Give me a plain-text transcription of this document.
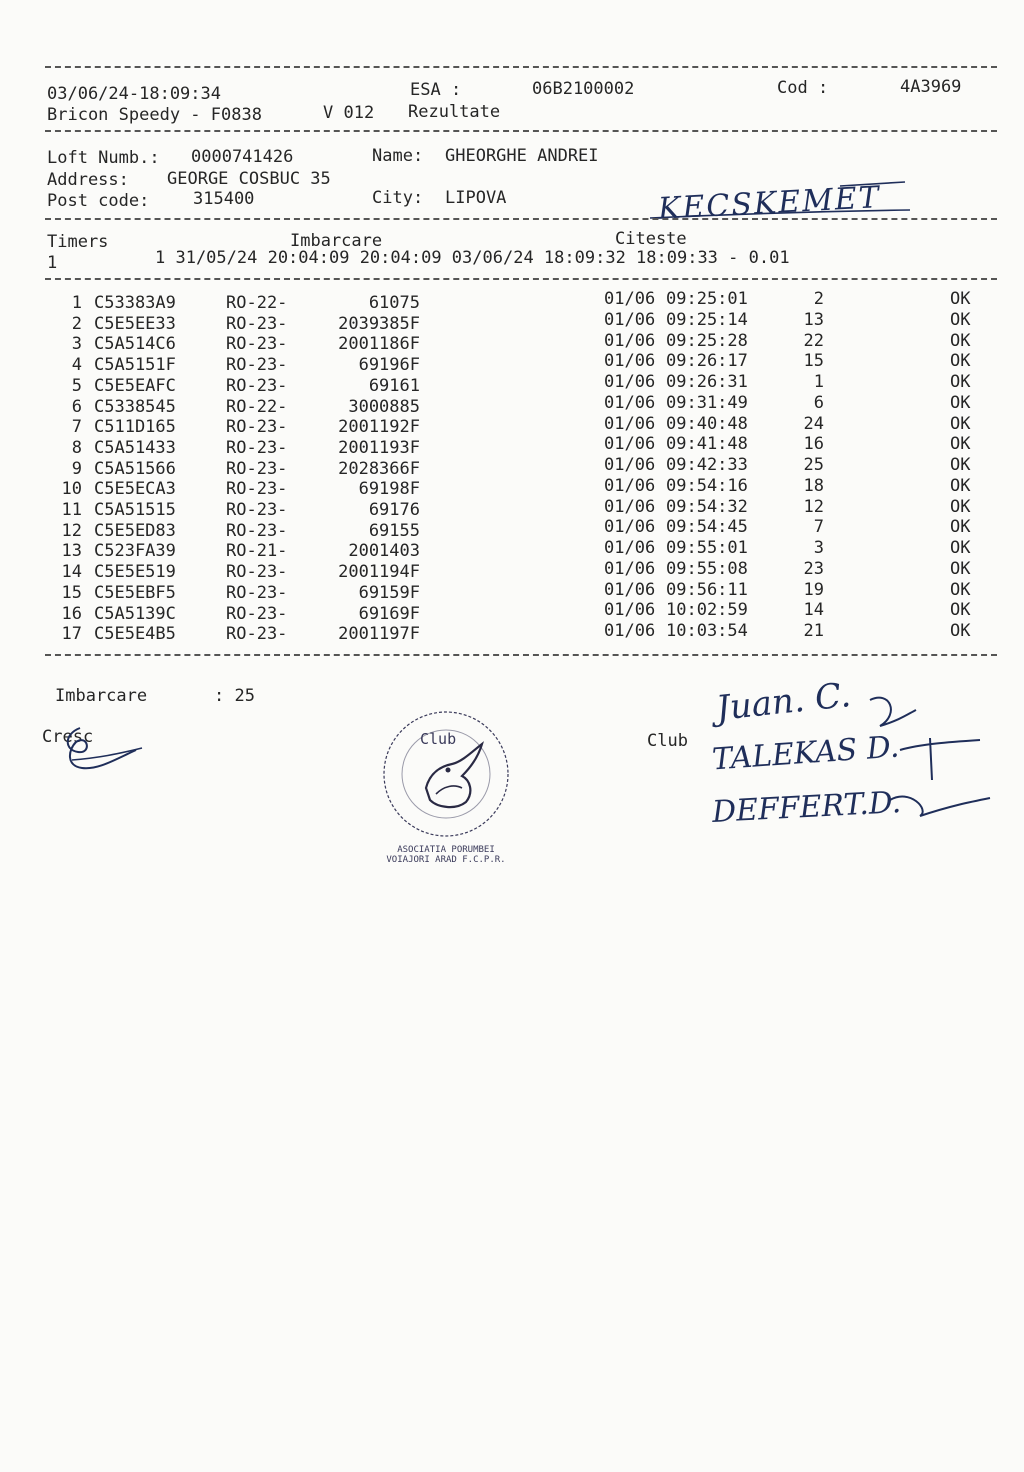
03/06/24-18:09:34	ESA :	06B2100002	Cod :	4A3969
Bricon Speedy - F0838	V 012 Rezultate
Loft Numb.: 0000741426	Name: GHEORGHE ANDREI
Address: GEORGE COSBUC 35
Post code:	315400	City: LIPOVA	KECSKEMET
Timers	Imbarcare	Citeste
1	1 31/05/24 20:04:09 20:04:09 03/06/24 18:09:32 18:09:33 - 0.01
1 C53383A9	RO-22-	61075	01/06 09:25:01	2	OK
2 C5E5EE33	RO-23-	2039385F	01/06 09:25:14	13	OK
3 C5A514C6	RO-23-	2001186F	01/06 09:25:28	22	OK
4 C5A5151F	RO-23-	69196F	01/06 09:26:17	15	OK
5 C5E5EAFC	RO-23-	69161	01/06 09:26:31	1	OK
6 C5338545	RO-22-	3000885	01/06 09:31:49	6	OK
7 C511D165	RO-23-	2001192F	01/06 09:40:48	24	OK
8 C5A51433	RO-23-	2001193F	01/06 09:41:48	16	OK
9 C5A51566	RO-23-	2028366F	01/06 09:42:33	25	OK
10 C5E5ECA3	RO-23-	69198F	01/06 09:54:16	18	OK
11 C5A51515	RO-23-	69176	01/06 09:54:32	12	OK
12 C5E5ED83	RO-23-	69155	01/06 09:54:45	7	OK
13 C523FA39	RO-21-	2001403	01/06 09:55:01	3	OK
14 C5E5E519	RO-23-	2001194F	01/06 09:55:08	23	OK
15 C5E5EBF5	RO-23-	69159F	01/06 09:56:11	19	OK
16 C5A5139C	RO-23-	69169F	01/06 10:02:59	14	OK
17 C5E5E4B5	RO-23-	2001197F	01/06 10:03:54	21	OK
Imbarcare	: 25
Cresc
ASOCIATIA PORUMBEI VOIAJORI ARAD F.C.P.R.
Club	Club
Juan. C.
TALEKAS D.
DEFFERT.D.
